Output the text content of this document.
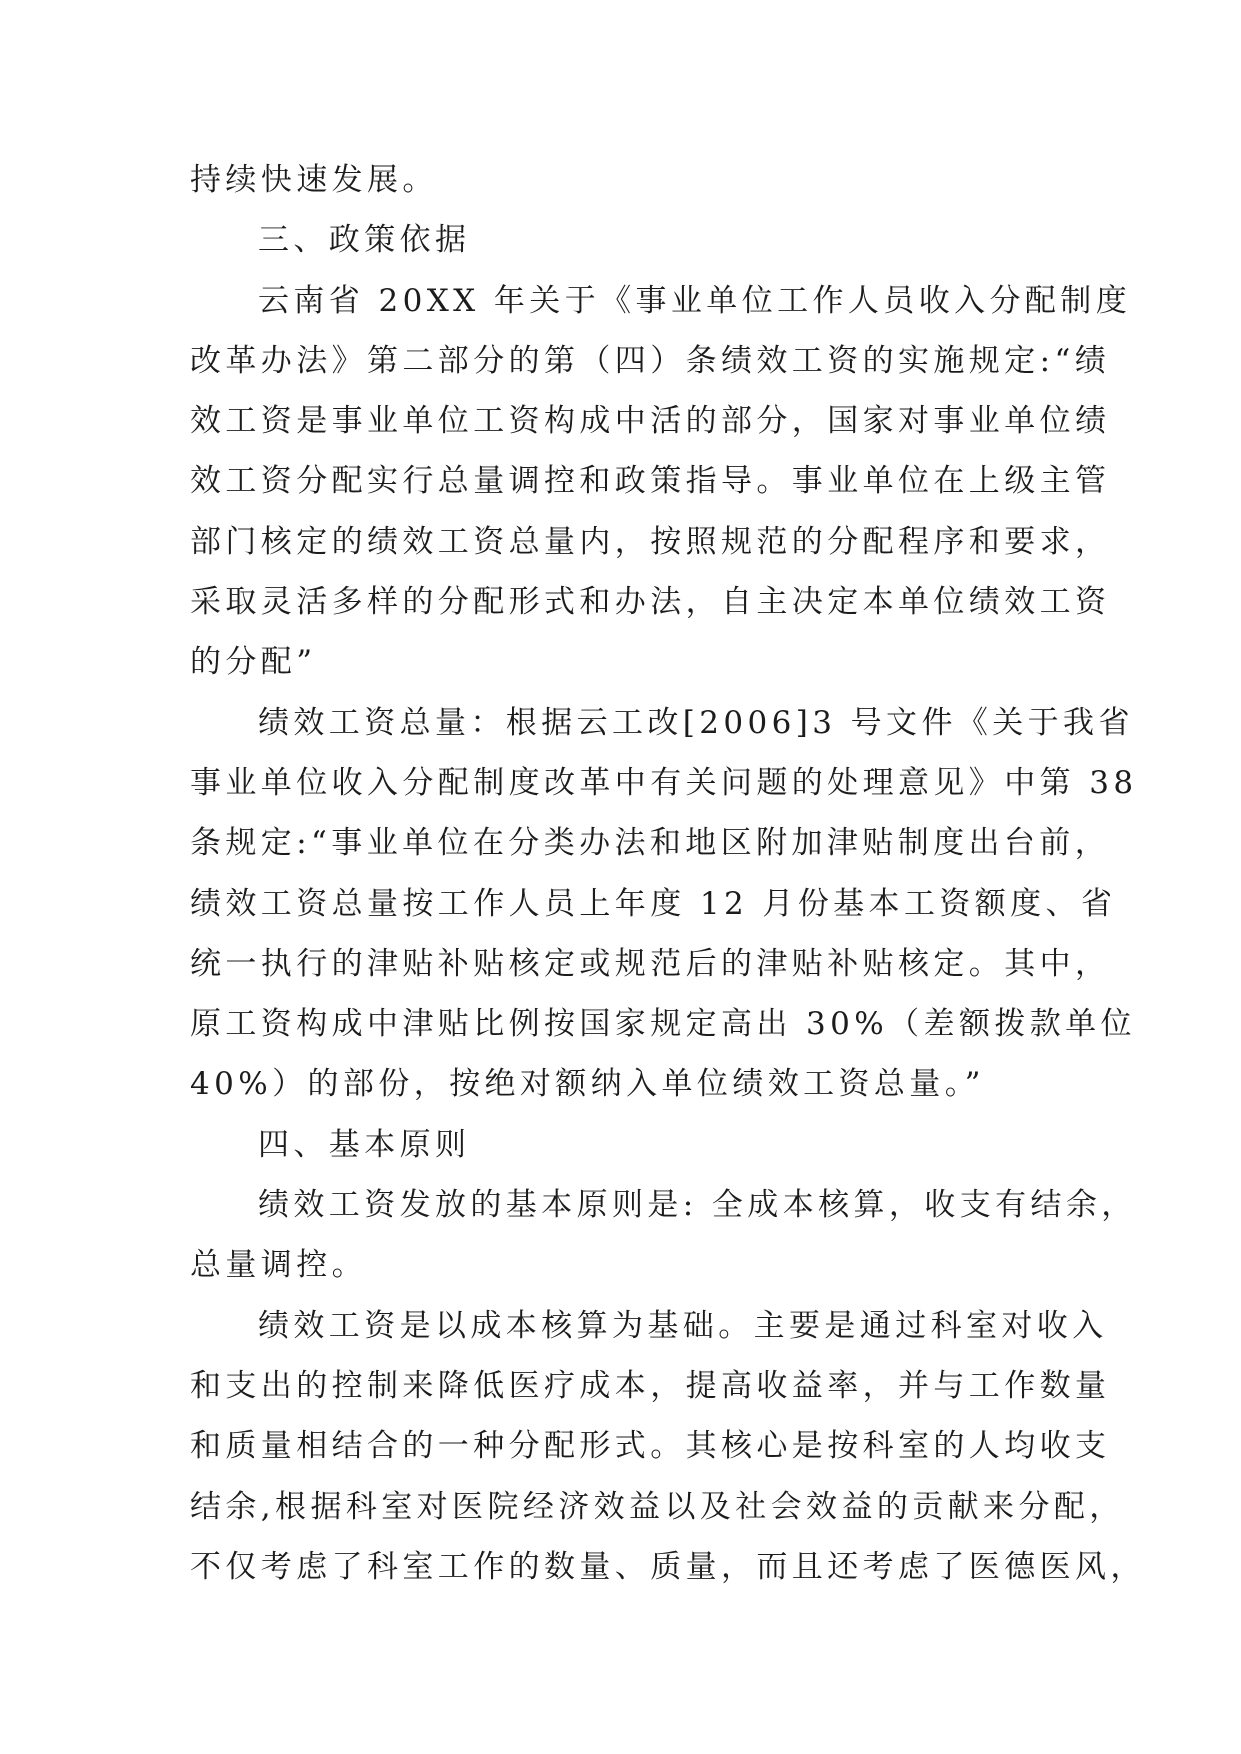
持续快速发展。
三、政策依据
云南省 20XX 年关于《事业单位工作人员收入分配制度
改革办法》第二部分的第（四）条绩效工资的实施规定:“绩
效工资是事业单位工资构成中活的部分，国家对事业单位绩
效工资分配实行总量调控和政策指导。事业单位在上级主管
部门核定的绩效工资总量内，按照规范的分配程序和要求，
采取灵活多样的分配形式和办法，自主决定本单位绩效工资
的分配”
绩效工资总量：根据云工改[2006]3 号文件《关于我省
事业单位收入分配制度改革中有关问题的处理意见》中第 38
条规定:“事业单位在分类办法和地区附加津贴制度出台前，
绩效工资总量按工作人员上年度 12 月份基本工资额度、省
统一执行的津贴补贴核定或规范后的津贴补贴核定。其中，
原工资构成中津贴比例按国家规定高出 30%（差额拨款单位
40%）的部份，按绝对额纳入单位绩效工资总量。”
四、基本原则
绩效工资发放的基本原则是: 全成本核算，收支有结余，
总量调控。
绩效工资是以成本核算为基础。主要是通过科室对收入
和支出的控制来降低医疗成本，提高收益率，并与工作数量
和质量相结合的一种分配形式。其核心是按科室的人均收支
结余,根据科室对医院经济效益以及社会效益的贡献来分配，
不仅考虑了科室工作的数量、质量，而且还考虑了医德医风，
